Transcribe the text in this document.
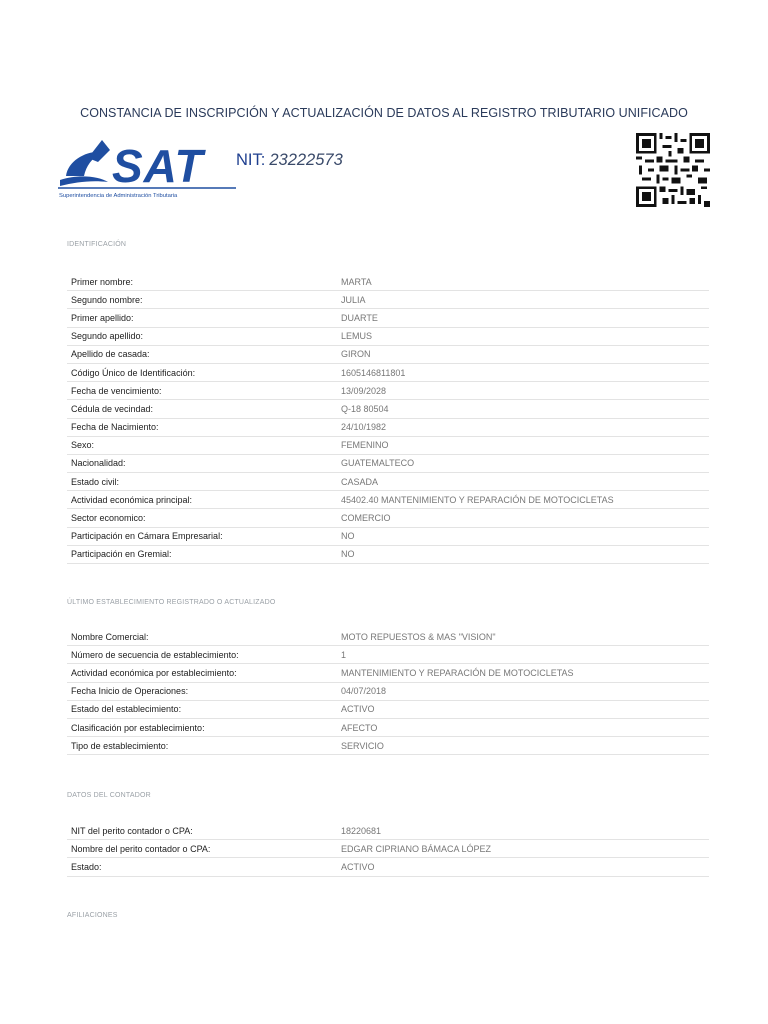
CONSTANCIA DE INSCRIPCIÓN Y ACTUALIZACIÓN DE DATOS AL REGISTRO TRIBUTARIO UNIFICADO
SAT
Superintendencia de Administración Tributaria
NIT: 23222573
IDENTIFICACIÓN
Primer nombre:	MARTA
Segundo nombre:	JULIA
Primer apellido:	DUARTE
Segundo apellido:	LEMUS
Apellido de casada:	GIRON
Código Único de Identificación:	1605146811801
Fecha de vencimiento:	13/09/2028
Cédula de vecindad:	Q-18 80504
Fecha de Nacimiento:	24/10/1982
Sexo:	FEMENINO
Nacionalidad:	GUATEMALTECO
Estado civil:	CASADA
Actividad económica principal:	45402.40 MANTENIMIENTO Y REPARACIÓN DE MOTOCICLETAS
Sector economico:	COMERCIO
Participación en Cámara Empresarial:	NO
Participación en Gremial:	NO
ÚLTIMO ESTABLECIMIENTO REGISTRADO O ACTUALIZADO
Nombre Comercial:	MOTO REPUESTOS & MAS "VISION"
Número de secuencia de establecimiento:	1
Actividad económica por establecimiento:	MANTENIMIENTO Y REPARACIÓN DE MOTOCICLETAS
Fecha Inicio de Operaciones:	04/07/2018
Estado del establecimiento:	ACTIVO
Clasificación por establecimiento:	AFECTO
Tipo de establecimiento:	SERVICIO
DATOS DEL CONTADOR
NIT del perito contador o CPA:	18220681
Nombre del perito contador o CPA:	EDGAR CIPRIANO BÁMACA LÓPEZ
Estado:	ACTIVO
AFILIACIONES
